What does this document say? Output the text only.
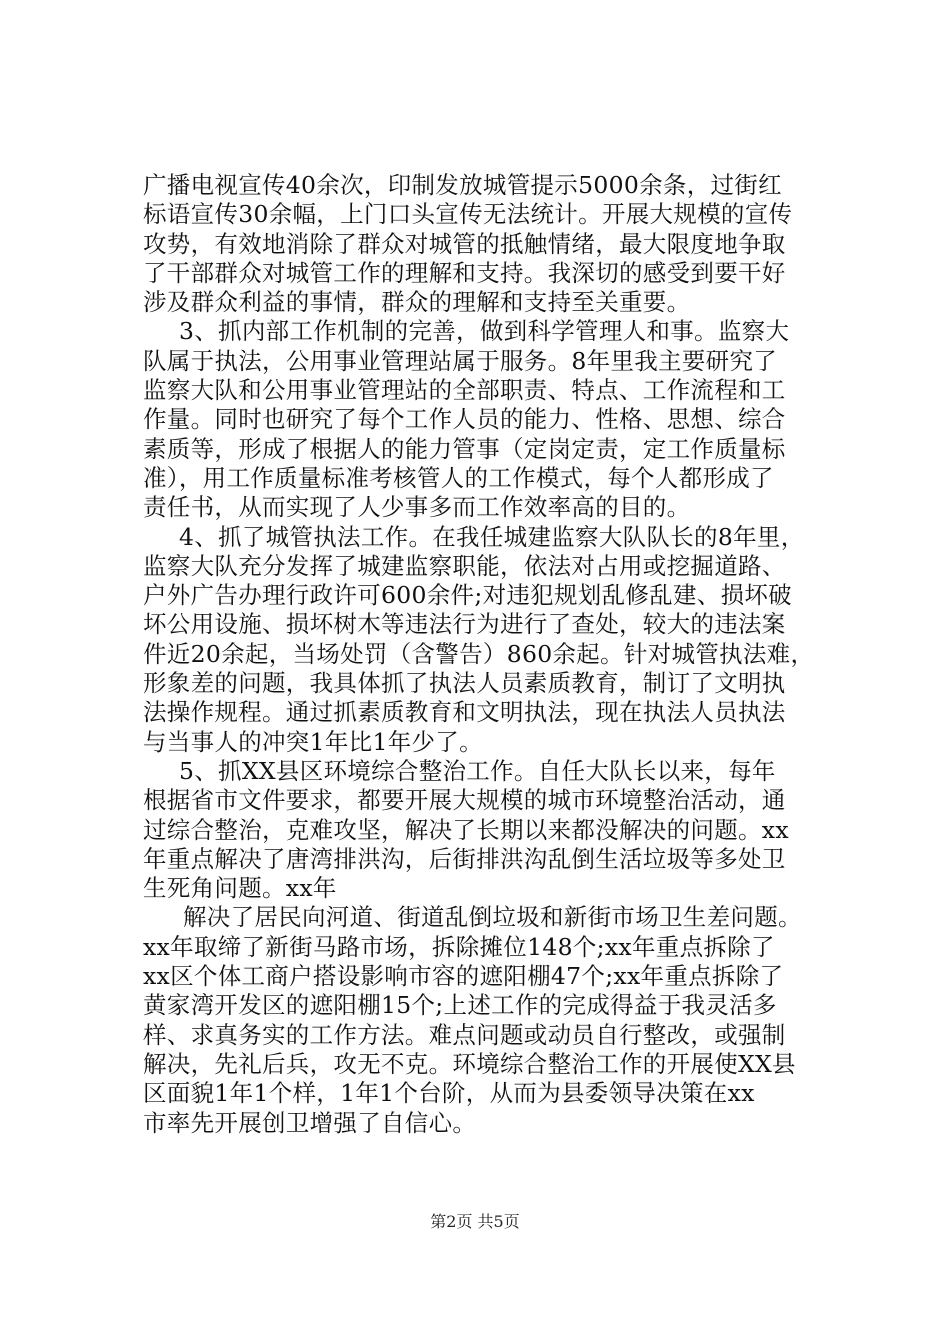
广播电视宣传40余次，印制发放城管提示5000余条，过街红
标语宣传30余幅，上门口头宣传无法统计。开展大规模的宣传
攻势，有效地消除了群众对城管的抵触情绪，最大限度地争取
了干部群众对城管工作的理解和支持。我深切的感受到要干好
涉及群众利益的事情，群众的理解和支持至关重要。
3、抓内部工作机制的完善，做到科学管理人和事。监察大
队属于执法，公用事业管理站属于服务。8年里我主要研究了
监察大队和公用事业管理站的全部职责、特点、工作流程和工
作量。同时也研究了每个工作人员的能力、性格、思想、综合
素质等，形成了根据人的能力管事（定岗定责，定工作质量标
准），用工作质量标准考核管人的工作模式，每个人都形成了
责任书，从而实现了人少事多而工作效率高的目的。
4、抓了城管执法工作。在我任城建监察大队队长的8年里，
监察大队充分发挥了城建监察职能，依法对占用或挖掘道路、
户外广告办理行政许可600余件;对违犯规划乱修乱建、损坏破
坏公用设施、损坏树木等违法行为进行了查处，较大的违法案
件近20余起，当场处罚（含警告）860余起。针对城管执法难，
形象差的问题，我具体抓了执法人员素质教育，制订了文明执
法操作规程。通过抓素质教育和文明执法，现在执法人员执法
与当事人的冲突1年比1年少了。
5、抓XX县区环境综合整治工作。自任大队长以来，每年
根据省市文件要求，都要开展大规模的城市环境整治活动，通
过综合整治，克难攻坚，解决了长期以来都没解决的问题。xx
年重点解决了唐湾排洪沟，后街排洪沟乱倒生活垃圾等多处卫
生死角问题。xx年
解决了居民向河道、街道乱倒垃圾和新街市场卫生差问题。
xx年取缔了新街马路市场，拆除摊位148个;xx年重点拆除了
xx区个体工商户搭设影响市容的遮阳棚47个;xx年重点拆除了
黄家湾开发区的遮阳棚15个;上述工作的完成得益于我灵活多
样、求真务实的工作方法。难点问题或动员自行整改，或强制
解决，先礼后兵，攻无不克。环境综合整治工作的开展使XX县
区面貌1年1个样，1年1个台阶，从而为县委领导决策在xx
市率先开展创卫增强了自信心。
第2页 共5页
